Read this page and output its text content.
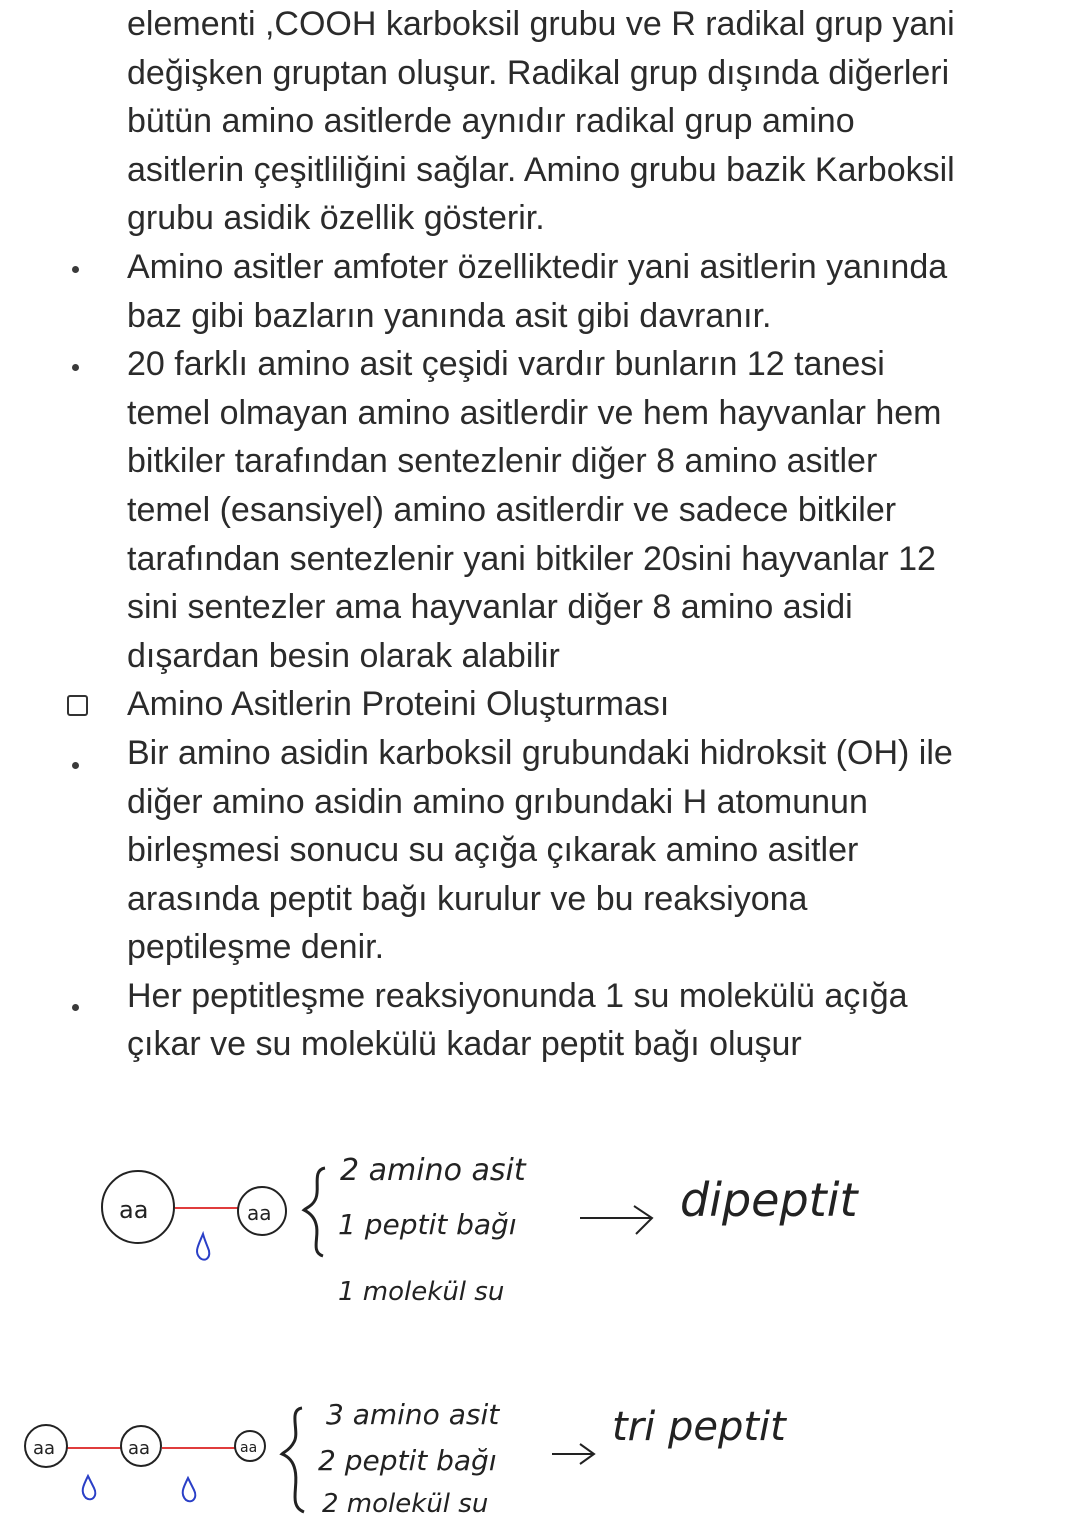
elementi ,COOH karboksil grubu ve R radikal grup yani
değişken gruptan oluşur. Radikal grup dışında diğerleri
bütün amino asitlerde aynıdır radikal grup amino
asitlerin çeşitliliğini sağlar. Amino grubu bazik Karboksil
grubu asidik özellik gösterir.
Amino asitler amfoter özelliktedir yani asitlerin yanında
baz gibi bazların yanında asit gibi davranır.
20 farklı amino asit çeşidi vardır bunların 12 tanesi
temel olmayan amino asitlerdir ve hem hayvanlar hem
bitkiler tarafından sentezlenir diğer 8 amino asitler
temel (esansiyel) amino asitlerdir ve sadece bitkiler
tarafından sentezlenir yani bitkiler 20sini hayvanlar 12
sini sentezler ama hayvanlar diğer 8 amino asidi
dışardan besin olarak alabilir
Amino Asitlerin Proteini Oluşturması
Bir amino asidin karboksil grubundaki hidroksit (OH) ile
diğer amino asidin amino grıbundaki H atomunun
birleşmesi sonucu su açığa çıkarak amino asitler
arasında peptit bağı kurulur ve bu reaksiyona
peptileşme denir.
Her peptitleşme reaksiyonunda 1 su molekülü açığa
çıkar ve su molekülü kadar peptit bağı oluşur
aa	aa
2 amino asit
1 peptit bağı
1 molekül su
dipeptit
aa	aa	aa
3 amino asit
2 peptit bağı
2 molekül su
tri peptit
